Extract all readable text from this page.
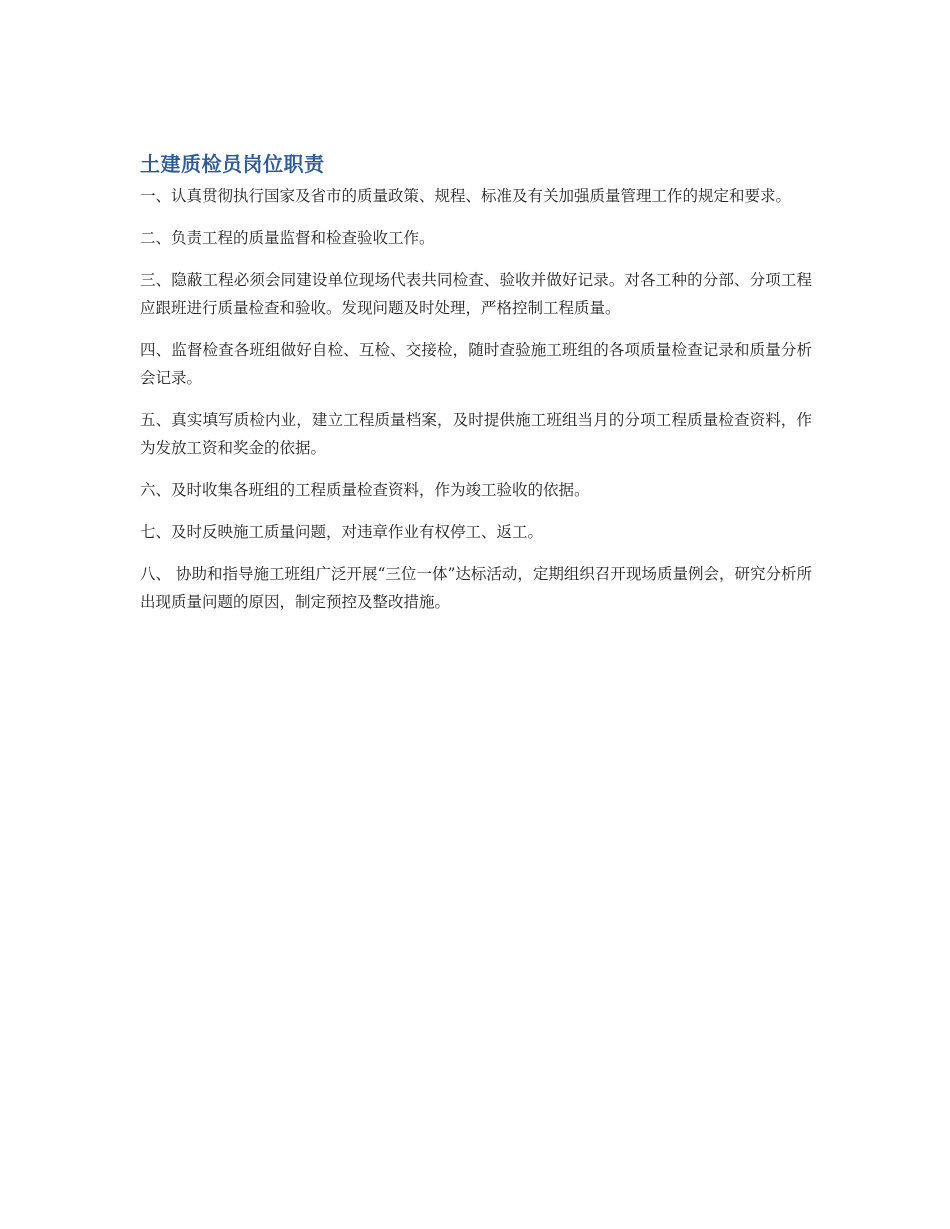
土建质检员岗位职责

一、认真贯彻执行国家及省市的质量政策、规程、标准及有关加强质量管理工作的规定和要求。

二、负责工程的质量监督和检查验收工作。

三、隐蔽工程必须会同建设单位现场代表共同检查、验收并做好记录。对各工种的分部、分项工程应跟班进行质量检查和验收。发现问题及时处理，严格控制工程质量。

四、监督检查各班组做好自检、互检、交接检，随时查验施工班组的各项质量检查记录和质量分析会记录。

五、真实填写质检内业，建立工程质量档案，及时提供施工班组当月的分项工程质量检查资料，作为发放工资和奖金的依据。

六、及时收集各班组的工程质量检查资料，作为竣工验收的依据。

七、及时反映施工质量问题，对违章作业有权停工、返工。

八、 协助和指导施工班组广泛开展“三位一体”达标活动，定期组织召开现场质量例会，研究分析所出现质量问题的原因，制定预控及整改措施。
